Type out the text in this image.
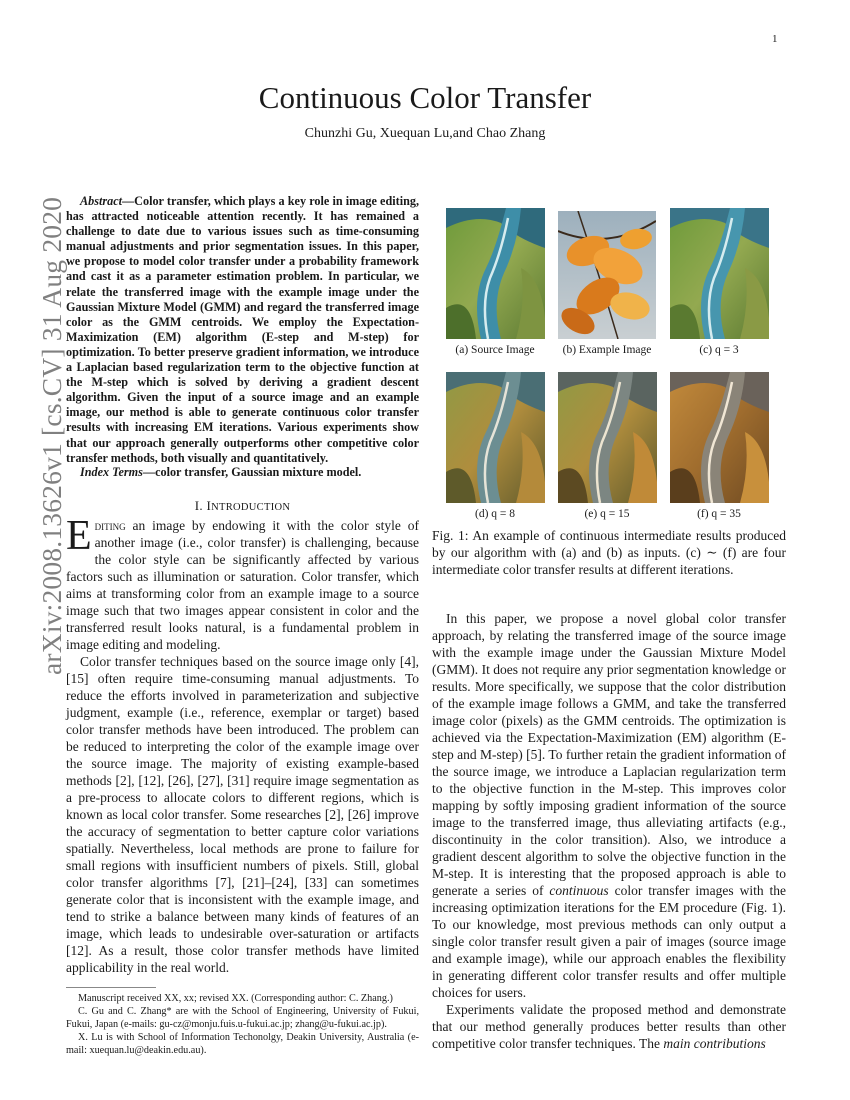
1
arXiv:2008.13626v1 [cs.CV] 31 Aug 2020
Continuous Color Transfer
Chunzhi Gu, Xuequan Lu,and Chao Zhang
Abstract—Color transfer, which plays a key role in image editing, has attracted noticeable attention recently. It has remained a challenge to date due to various issues such as time-consuming manual adjustments and prior segmentation issues. In this paper, we propose to model color transfer under a probability framework and cast it as a parameter estimation problem. In particular, we relate the transferred image with the example image under the Gaussian Mixture Model (GMM) and regard the transferred image color as the GMM centroids. We employ the Expectation-Maximization (EM) algorithm (E-step and M-step) for optimization. To better preserve gradient information, we introduce a Laplacian based regularization term to the objective function at the M-step which is solved by deriving a gradient descent algorithm. Given the input of a source image and an example image, our method is able to generate continuous color transfer results with increasing EM iterations. Various experiments show that our approach generally outperforms other competitive color transfer methods, both visually and quantitatively.
Index Terms—color transfer, Gaussian mixture model.
I. INTRODUCTION

Editing an image by endowing it with the color style of another image (i.e., color transfer) is challenging, because the color style can be significantly affected by various factors such as illumination or saturation. Color transfer, which aims at transforming color from an example image to a source image such that two images appear consistent in color and the transferred result looks natural, is a fundamental problem in image editing and modeling.

Color transfer techniques based on the source image only [4], [15] often require time-consuming manual adjustments. To reduce the efforts involved in parameterization and subjective judgment, example (i.e., reference, exemplar or target) based color transfer methods have been introduced. The problem can be reduced to interpreting the color of the example image over the source image. The majority of existing example-based methods [2], [12], [26], [27], [31] require image segmentation as a pre-process to allocate colors to different regions, which is known as local color transfer. Some researches [2], [26] improve the accuracy of segmentation to better capture color variations spatially. Nevertheless, local methods are prone to failure for small regions with insufficient numbers of pixels. Still, global color transfer algorithms [7], [21]–[24], [33] can sometimes generate color that is inconsistent with the example image, and tend to strike a balance between many kinds of features of an image, which leads to undesirable over-saturation or artifacts [12]. As a result, those color transfer methods have limited applicability in the real world.

Manuscript received XX, xx; revised XX. (Corresponding author: C. Zhang.)

C. Gu and C. Zhang* are with the School of Engineering, University of Fukui, Fukui, Japan (e-mails: gu-cz@monju.fuis.u-fukui.ac.jp; zhang@u-fukui.ac.jp).

X. Lu is with School of Information Techonolgy, Deakin University, Australia (e-mail: xuequan.lu@deakin.edu.au).

(a) Source Image	(b) Example Image	(c) q = 3
(d) q = 8	(e) q = 15	(f) q = 35
Fig. 1: An example of continuous intermediate results produced by our algorithm with (a) and (b) as inputs. (c) ∼ (f) are four intermediate color transfer results at different iterations.

In this paper, we propose a novel global color transfer approach, by relating the transferred image of the source image with the example image under the Gaussian Mixture Model (GMM). It does not require any prior segmentation knowledge or results. More specifically, we suppose that the color distribution of the example image follows a GMM, and take the transferred image color (pixels) as the GMM centroids. The optimization is achieved via the Expectation-Maximization (EM) algorithm (E-step and M-step) [5]. To further retain the gradient information of the source image, we introduce a Laplacian regularization term to the objective function in the M-step. This improves color mapping by softly imposing gradient information of the source image to the transferred image, thus alleviating artifacts (e.g., discontinuity in the color transition). Also, we introduce a gradient descent algorithm to solve the objective function in the M-step. It is interesting that the proposed approach is able to generate a series of continuous color transfer images with the increasing optimization iterations for the EM procedure (Fig. 1). To our knowledge, most previous methods can only output a single color transfer result given a pair of images (source image and example image), while our approach enables the flexibility in generating different color transfer results and offer multiple choices for users.

Experiments validate the proposed method and demonstrate that our method generally produces better results than other competitive color transfer techniques. The main contributions
